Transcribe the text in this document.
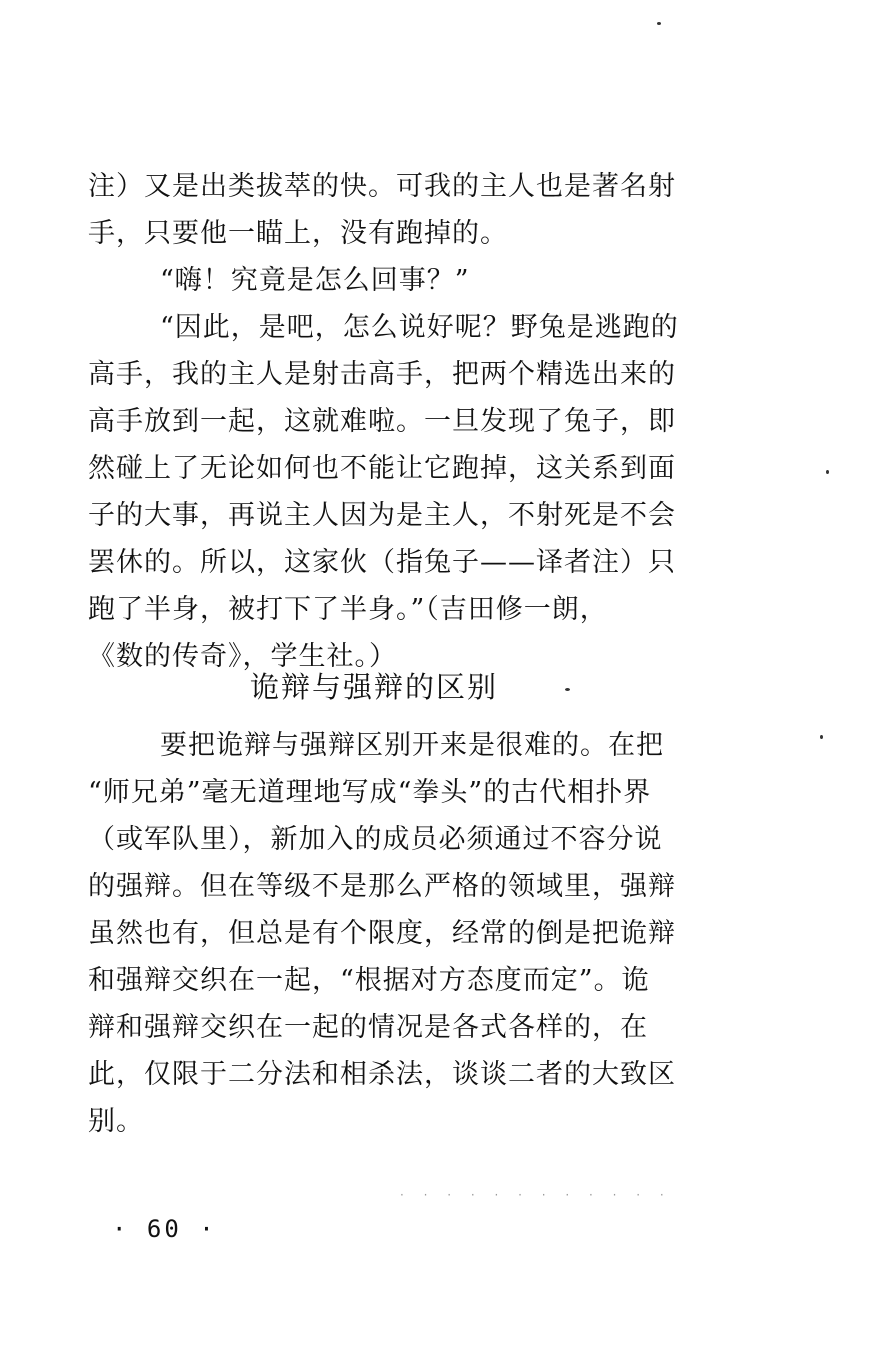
注）又是出类拔萃的快。可我的主人也是著名射
手，只要他一瞄上，没有跑掉的。
“嗨！究竟是怎么回事？”
“因此，是吧，怎么说好呢？野兔是逃跑的
高手，我的主人是射击高手，把两个精选出来的
高手放到一起，这就难啦。一旦发现了兔子，即
然碰上了无论如何也不能让它跑掉，这关系到面
子的大事，再说主人因为是主人，不射死是不会
罢休的。所以，这家伙（指兔子——译者注）只
跑了半身，被打下了半身。”（吉田修一朗，
《数的传奇》，学生社。）
诡辩与强辩的区别
要把诡辩与强辩区别开来是很难的。在把
“师兄弟”毫无道理地写成“拳头”的古代相扑界
（或军队里），新加入的成员必须通过不容分说
的强辩。但在等级不是那么严格的领域里，强辩
虽然也有，但总是有个限度，经常的倒是把诡辩
和强辩交织在一起，“根据对方态度而定”。诡
辩和强辩交织在一起的情况是各式各样的，在
此，仅限于二分法和相杀法，谈谈二者的大致区
别。
· · · · · · · · · · · ·
· 60 ·
